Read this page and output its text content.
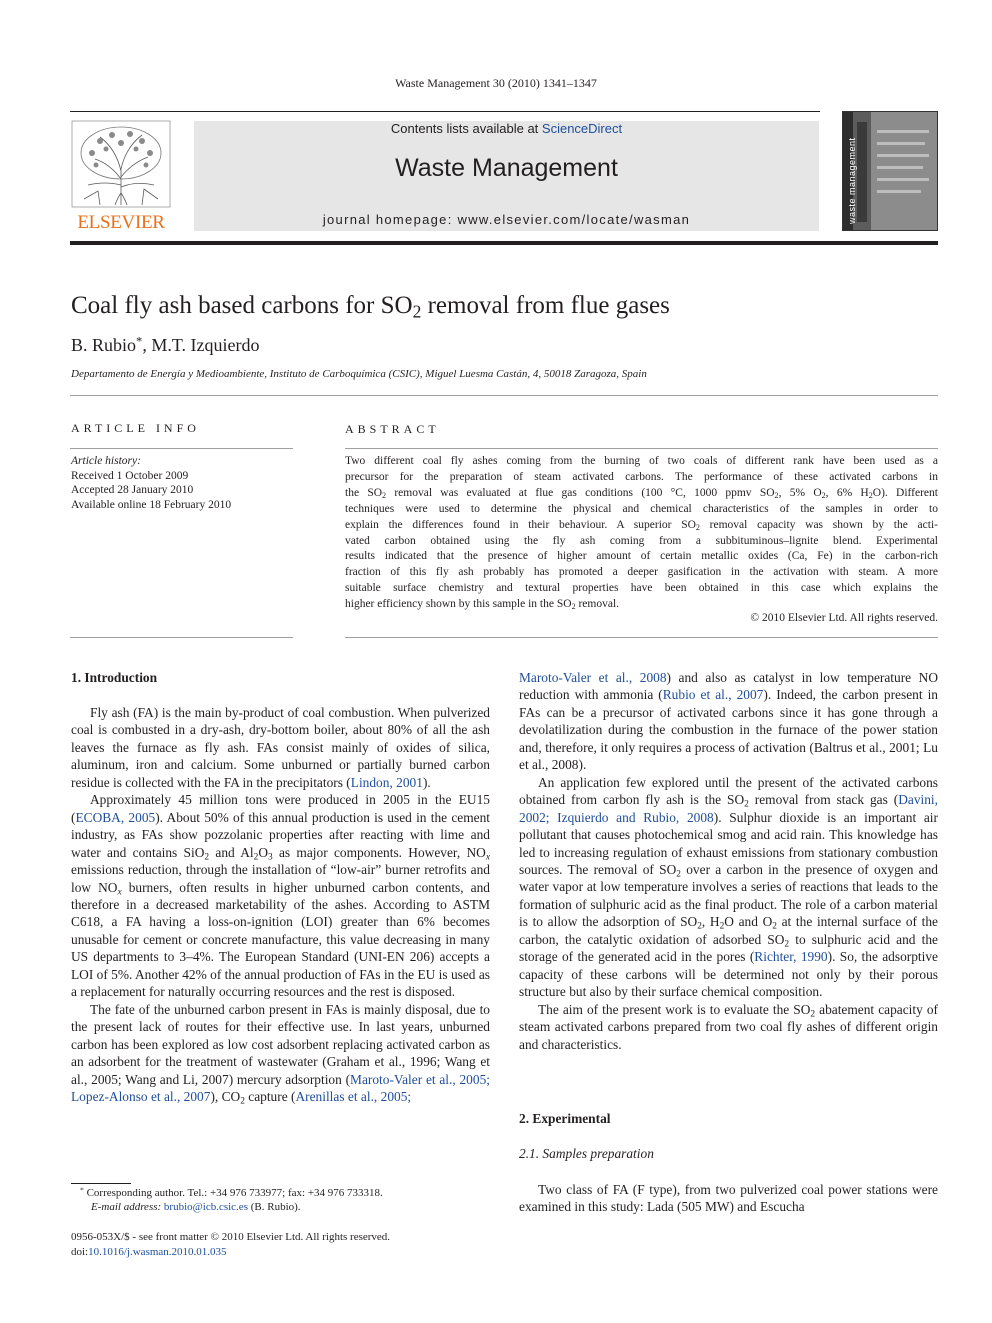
Waste Management 30 (2010) 1341–1347
ELSEVIER
Contents lists available at ScienceDirect
Waste Management
journal homepage: www.elsevier.com/locate/wasman	waste management
Coal fly ash based carbons for $SO_2$ removal from flue gases
B. Rubio*, M.T. Izquierdo
Departamento de Energía y Medioambiente, Instituto de Carboquímica (CSIC), Miguel Luesma Castán, 4, 50018 Zaragoza, Spain
ARTICLE INFO	ABSTRACT
Article history:
Received 1 October 2009
Accepted 28 January 2010
Available online 18 February 2010
Two different coal fly ashes coming from the burning of two coals of different rank have been used as a
precursor for the preparation of steam activated carbons. The performance of these activated carbons in
the $SO_2$ removal was evaluated at flue gas conditions (100 °C, 1000 ppmv $SO_2$, 5% $O_2$, 6% $H_2O$). Different
techniques were used to determine the physical and chemical characteristics of the samples in order to
explain the differences found in their behaviour. A superior $SO_2$ removal capacity was shown by the acti-
vated carbon obtained using the fly ash coming from a subbituminous–lignite blend. Experimental
results indicated that the presence of higher amount of certain metallic oxides (Ca, Fe) in the carbon-rich
fraction of this fly ash probably has promoted a deeper gasification in the activation with steam. A more
suitable surface chemistry and textural properties have been obtained in this case which explains the
higher efficiency shown by this sample in the $SO_2$ removal.
© 2010 Elsevier Ltd. All rights reserved.
1. Introduction

Fly ash (FA) is the main by-product of coal combustion. When pulverized coal is combusted in a dry-ash, dry-bottom boiler, about 80% of all the ash leaves the furnace as fly ash. FAs consist mainly of oxides of silica, aluminum, iron and calcium. Some unburned or partially burned carbon residue is collected with the FA in the precipitators (Lindon, 2001).

Approximately 45 million tons were produced in 2005 in the EU15 (ECOBA, 2005). About 50% of this annual production is used in the cement industry, as FAs show pozzolanic properties after reacting with lime and water and contains SiO$_2$ and $Al_2O_3$ as major components. However, $NO_x$ emissions reduction, through the installation of “low-air” burner retrofits and low $NO_x$ burners, often results in higher unburned carbon contents, and therefore in a decreased marketability of the ashes. According to ASTM C618, a FA having a loss-on-ignition (LOI) greater than 6% becomes unusable for cement or concrete manufacture, this value decreasing in many US departments to 3–4%. The European Standard (UNI-EN 206) accepts a LOI of 5%. Another 42% of the annual production of FAs in the EU is used as a replacement for naturally occurring resources and the rest is disposed.

The fate of the unburned carbon present in FAs is mainly disposal, due to the present lack of routes for their effective use. In last years, unburned carbon has been explored as low cost adsorbent replacing activated carbon as an adsorbent for the treatment of wastewater (Graham et al., 1996; Wang et al., 2005; Wang and Li, 2007) mercury adsorption (Maroto-Valer et al., 2005; Lopez-Alonso et al., 2007), $CO_2$ capture (Arenillas et al., 2005;

Maroto-Valer et al., 2008) and also as catalyst in low temperature NO reduction with ammonia (Rubio et al., 2007). Indeed, the carbon present in FAs can be a precursor of activated carbons since it has gone through a devolatilization during the combustion in the furnace of the power station and, therefore, it only requires a process of activation (Baltrus et al., 2001; Lu et al., 2008).

An application few explored until the present of the activated carbons obtained from carbon fly ash is the $SO_2$ removal from stack gas (Davini, 2002; Izquierdo and Rubio, 2008). Sulphur dioxide is an important air pollutant that causes photochemical smog and acid rain. This knowledge has led to increasing regulation of exhaust emissions from stationary combustion sources. The removal of $SO_2$ over a carbon in the presence of oxygen and water vapor at low temperature involves a series of reactions that leads to the formation of sulphuric acid as the final product. The role of a carbon material is to allow the adsorption of $SO_2$, $H_2O$ and $O_2$ at the internal surface of the carbon, the catalytic oxidation of adsorbed $SO_2$ to sulphuric acid and the storage of the generated acid in the pores (Richter, 1990). So, the adsorptive capacity of these carbons will be determined not only by their porous structure but also by their surface chemical composition.

The aim of the present work is to evaluate the $SO_2$ abatement capacity of steam activated carbons prepared from two coal fly ashes of different origin and characteristics.

2. Experimental
2.1. Samples preparation

Two class of FA (F type), from two pulverized coal power stations were examined in this study: Lada (505 MW) and Escucha

* Corresponding author. Tel.: +34 976 733977; fax: +34 976 733318.
E-mail address: brubio@icb.csic.es (B. Rubio).
0956-053X/$ - see front matter © 2010 Elsevier Ltd. All rights reserved.
doi:10.1016/j.wasman.2010.01.035
